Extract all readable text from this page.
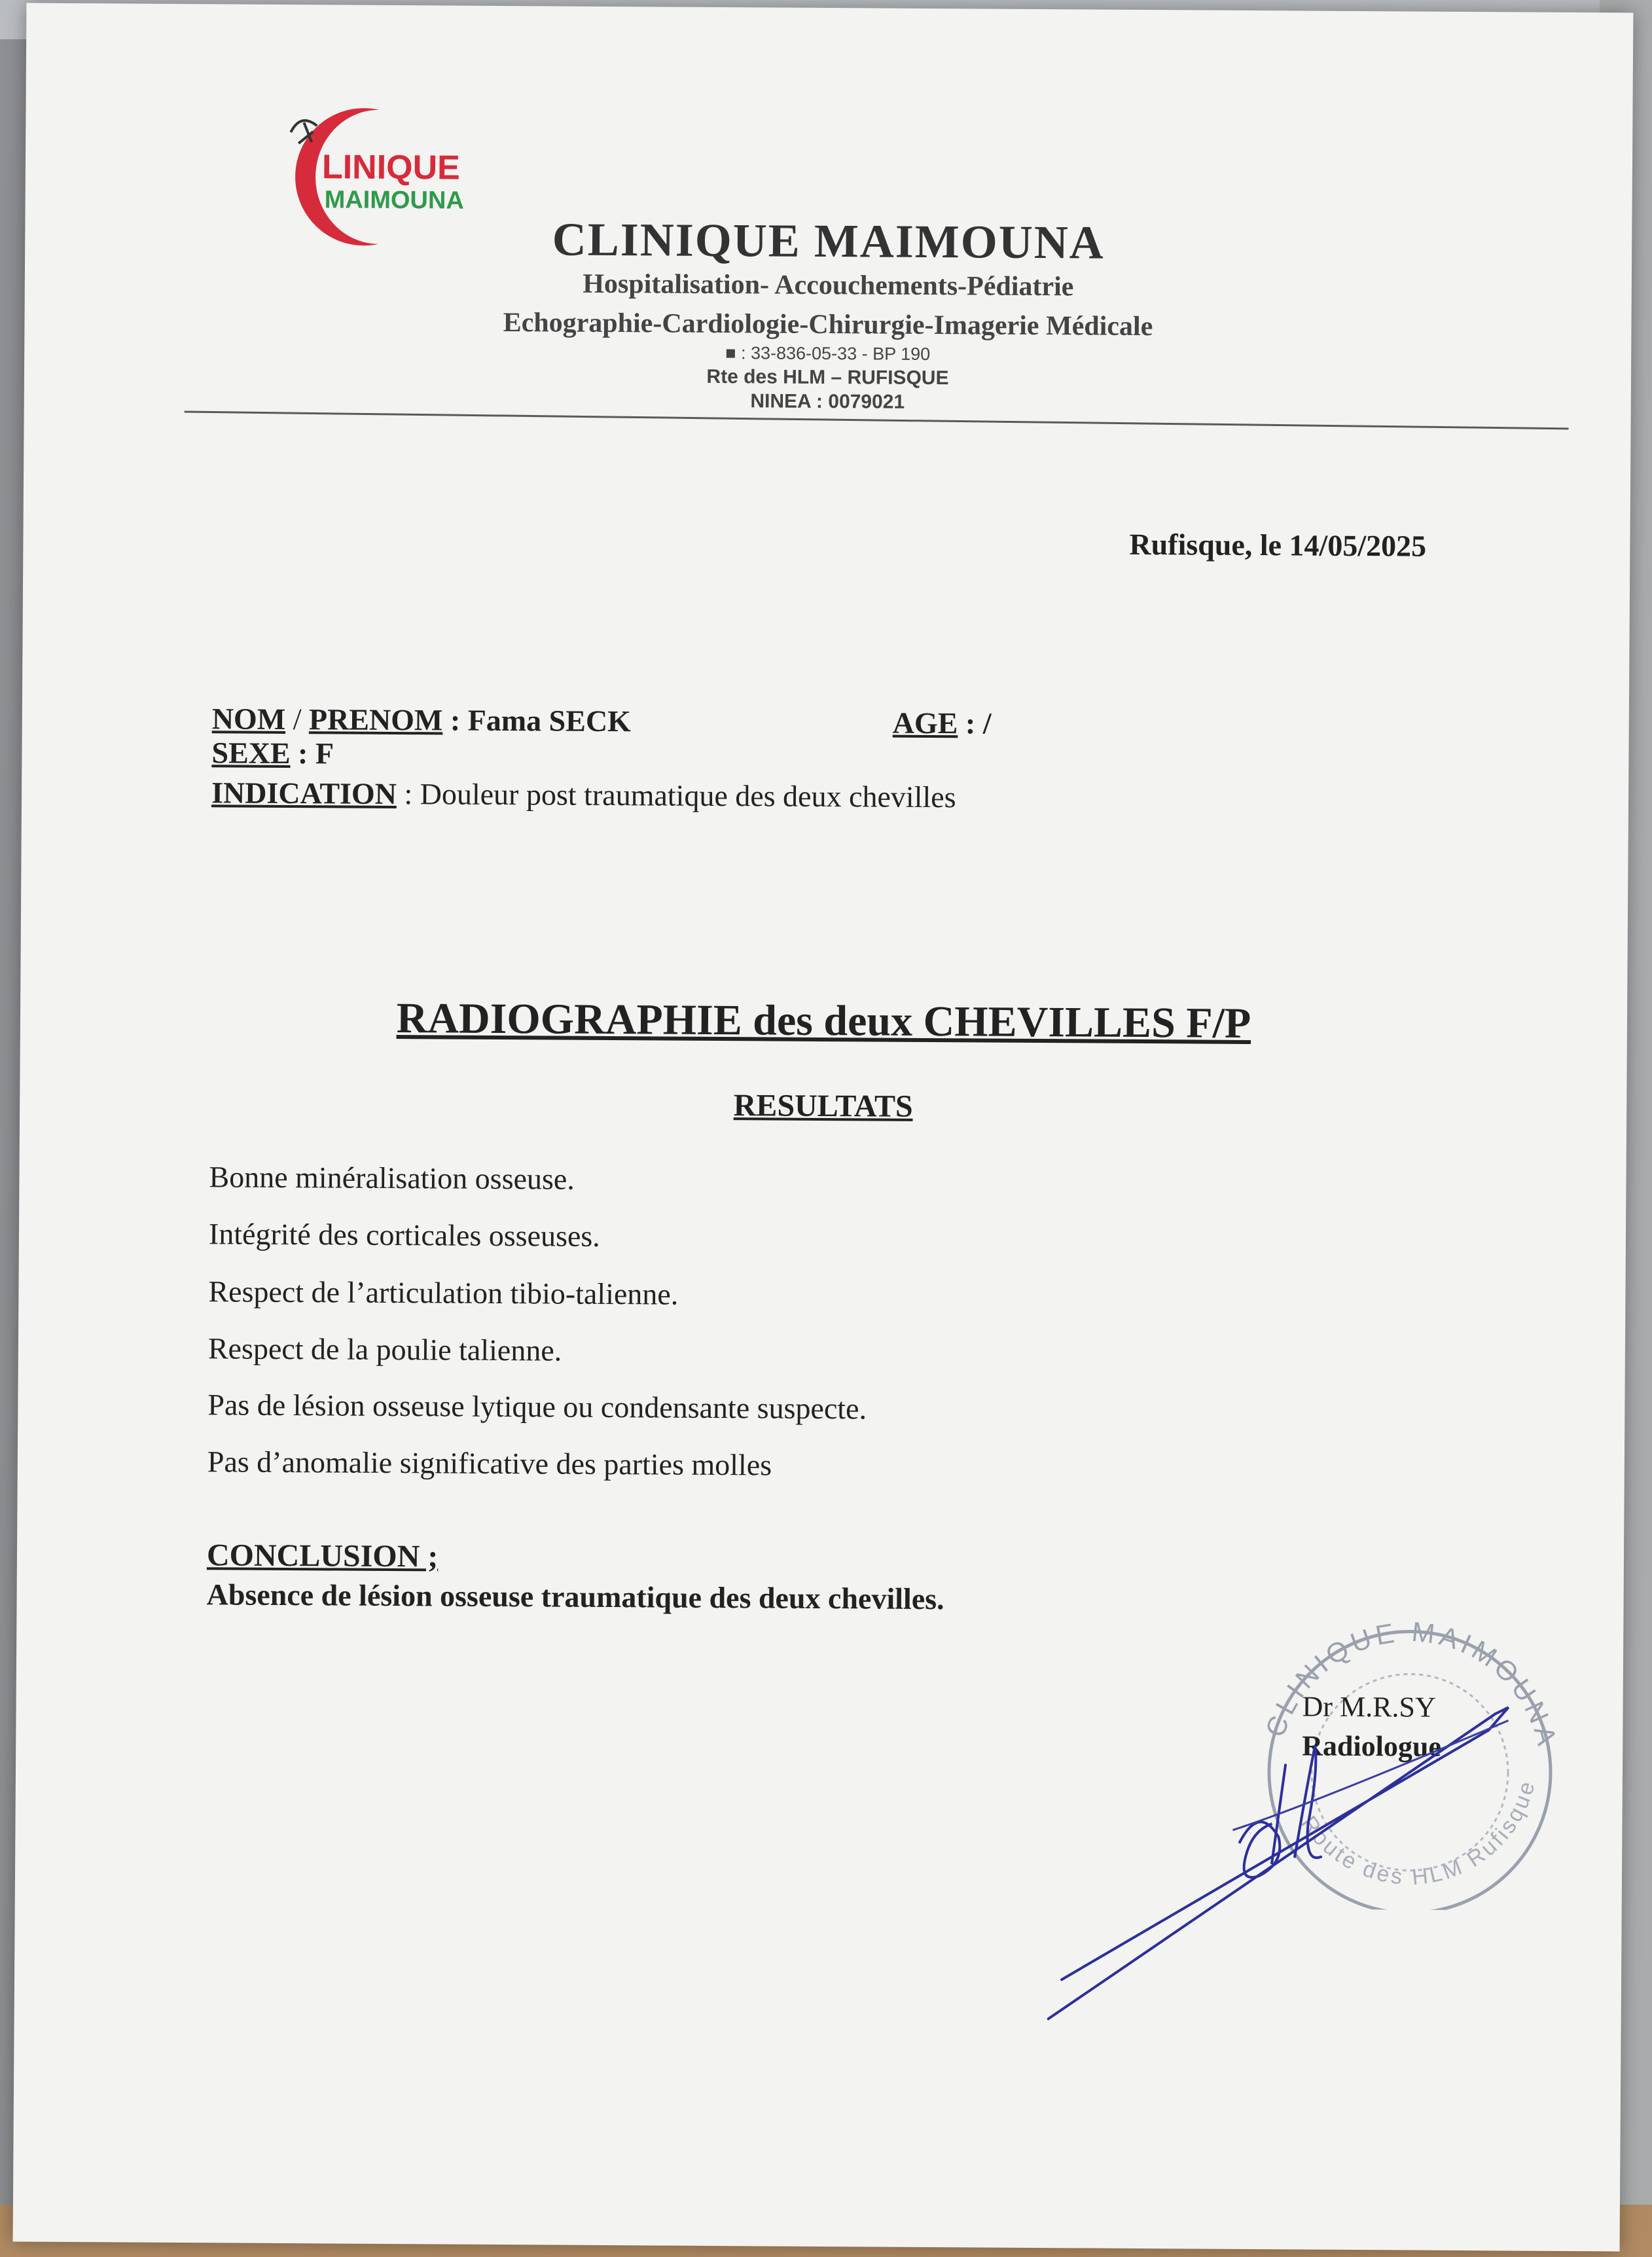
LINIQUE
MAIMOUNA
CLINIQUE MAIMOUNA
Hospitalisation- Accouchements-Pédiatrie
Echographie-Cardiologie-Chirurgie-Imagerie Médicale
■ : 33-836-05-33 - BP 190
Rte des HLM – RUFISQUE
NINEA : 0079021
Rufisque, le 14/05/2025
NOM / PRENOM : Fama SECK	AGE : /
SEXE : F
INDICATION : Douleur post traumatique des deux chevilles
RADIOGRAPHIE des deux CHEVILLES F/P
RESULTATS
Bonne minéralisation osseuse.
Intégrité des corticales osseuses.
Respect de l’articulation tibio-talienne.
Respect de la poulie talienne.
Pas de lésion osseuse lytique ou condensante suspecte.
Pas d’anomalie significative des parties molles
CONCLUSION ;
Absence de lésion osseuse traumatique des deux chevilles.
CLINIQUE MAIMOUNA
Route des HLM Rufisque
Dr M.R.SY
Radiologue
